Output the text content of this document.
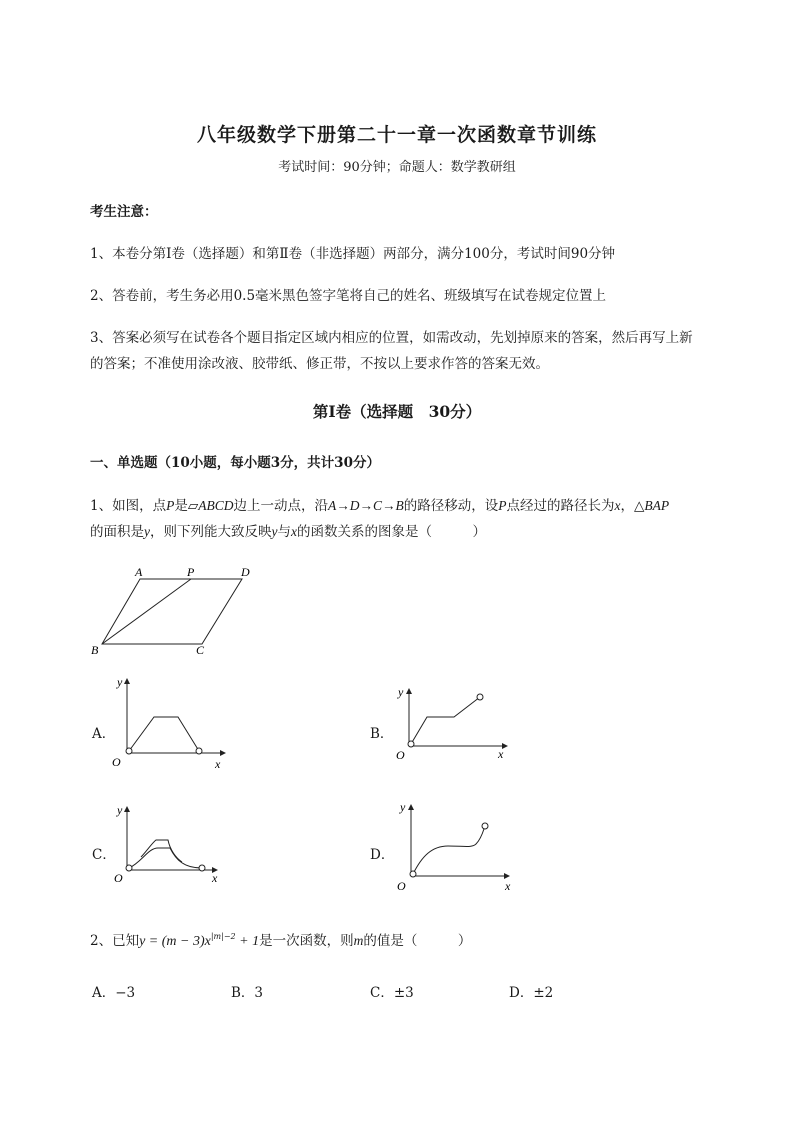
八年级数学下册第二十一章一次函数章节训练
考试时间：90分钟；命题人：数学教研组
考生注意：
1、本卷分第Ⅰ卷（选择题）和第Ⅱ卷（非选择题）两部分，满分100分，考试时间90分钟
2、答卷前，考生务必用0.5毫米黑色签字笔将自己的姓名、班级填写在试卷规定位置上
3、答案必须写在试卷各个题目指定区域内相应的位置，如需改动，先划掉原来的答案，然后再写上新
的答案；不准使用涂改液、胶带纸、修正带，不按以上要求作答的答案无效。
第Ⅰ卷（选择题　30分）
一、单选题（10小题，每小题3分，共计30分）
1、如图，点P是▱ABCD边上一动点，沿A→D→C→B的路径移动，设P点经过的路径长为x，△BAP
的面积是y，则下列能大致反映y与x的函数关系的图象是（　　　）
A	P	D
B	C
A．
y
O	x
B．
y
O	x
C．
y
O	x
D．
y
O	x
2、已知$y = (m - 3)x^{|m|-2} + 1$是一次函数，则m的值是（　　　）
A．−3	B．3	C．±3	D．±2
